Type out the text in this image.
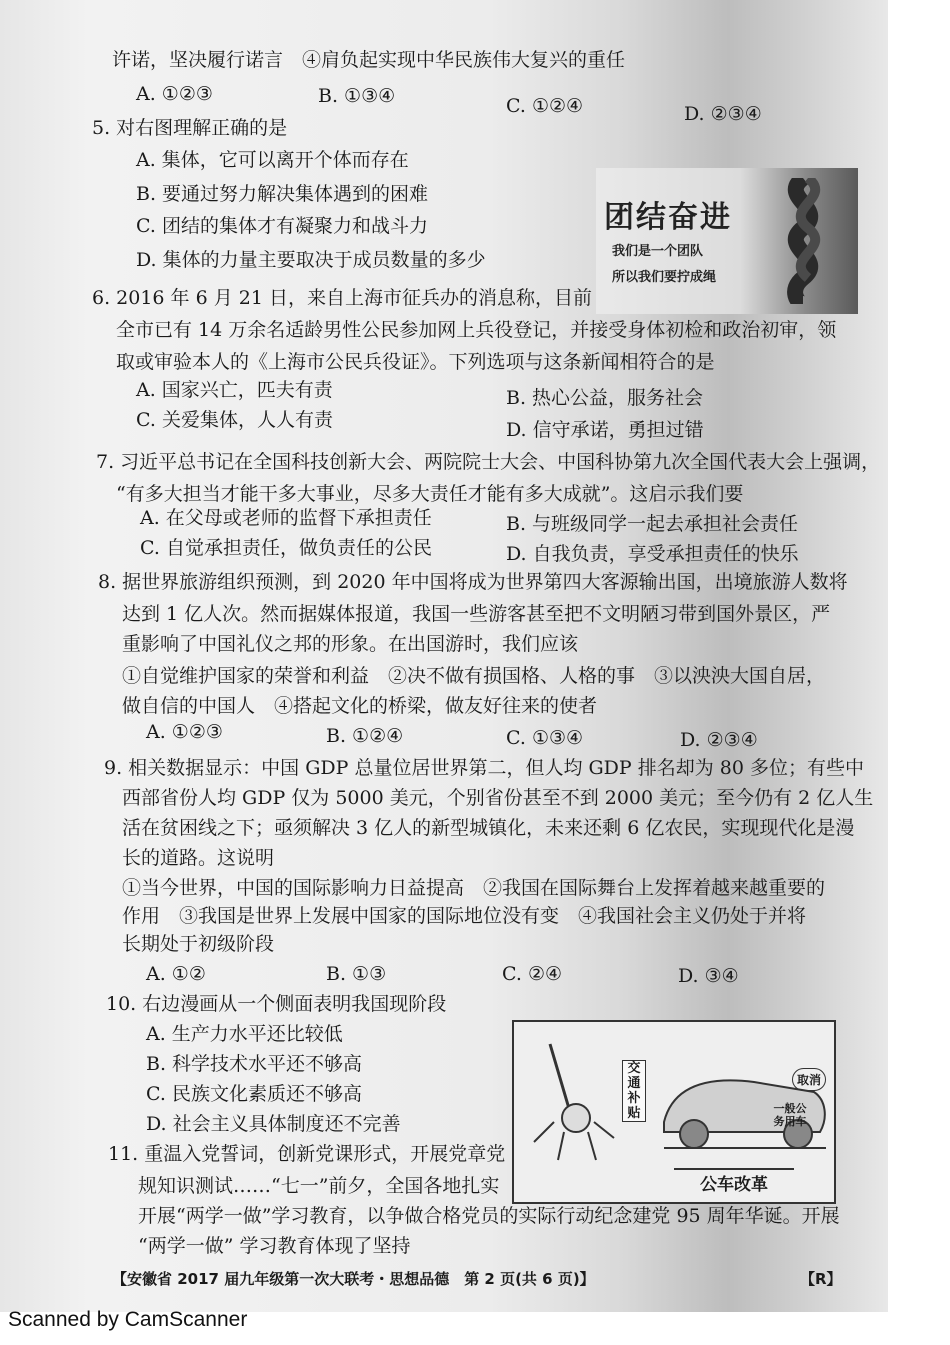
许诺，坚决履行诺言　④肩负起实现中华民族伟大复兴的重任
A. ①②③	B. ①③④	C. ①②④	D. ②③④
5. 对右图理解正确的是
A. 集体，它可以离开个体而存在
B. 要通过努力解决集体遇到的困难
C. 团结的集体才有凝聚力和战斗力
D. 集体的力量主要取决于成员数量的多少
团结奋进
我们是一个团队
所以我们要拧成绳
6. 2016 年 6 月 21 日，来自上海市征兵办的消息称，目前
全市已有 14 万余名适龄男性公民参加网上兵役登记，并接受身体初检和政治初审，领
取或审验本人的《上海市公民兵役证》。下列选项与这条新闻相符合的是
A. 国家兴亡，匹夫有责	B. 热心公益，服务社会
C. 关爱集体，人人有责	D. 信守承诺，勇担过错
7. 习近平总书记在全国科技创新大会、两院院士大会、中国科协第九次全国代表大会上强调，
“有多大担当才能干多大事业，尽多大责任才能有多大成就”。这启示我们要
A. 在父母或老师的监督下承担责任	B. 与班级同学一起去承担社会责任
C. 自觉承担责任，做负责任的公民	D. 自我负责，享受承担责任的快乐
8. 据世界旅游组织预测，到 2020 年中国将成为世界第四大客源输出国，出境旅游人数将
达到 1 亿人次。然而据媒体报道，我国一些游客甚至把不文明陋习带到国外景区，严
重影响了中国礼仪之邦的形象。在出国游时，我们应该
①自觉维护国家的荣誉和利益　②决不做有损国格、人格的事　③以泱泱大国自居，
做自信的中国人　④搭起文化的桥梁，做友好往来的使者
A. ①②③	B. ①②④	C. ①③④	D. ②③④
9. 相关数据显示：中国 GDP 总量位居世界第二，但人均 GDP 排名却为 80 多位；有些中
西部省份人均 GDP 仅为 5000 美元，个别省份甚至不到 2000 美元；至今仍有 2 亿人生
活在贫困线之下；亟须解决 3 亿人的新型城镇化，未来还剩 6 亿农民，实现现代化是漫
长的道路。这说明
①当今世界，中国的国际影响力日益提高　②我国在国际舞台上发挥着越来越重要的
作用　③我国是世界上发展中国家的国际地位没有变　④我国社会主义仍处于并将
长期处于初级阶段
A. ①②	B. ①③	C. ②④	D. ③④
10. 右边漫画从一个侧面表明我国现阶段
A. 生产力水平还比较低
B. 科学技术水平还不够高
C. 民族文化素质还不够高
D. 社会主义具体制度还不完善
交通补贴
取消
一般公务用车
公车改革
11. 重温入党誓词，创新党课形式，开展党章党
规知识测试……“七一”前夕，全国各地扎实
开展“两学一做”学习教育，以争做合格党员的实际行动纪念建党 95 周年华诞。开展
“两学一做” 学习教育体现了坚持
【安徽省 2017 届九年级第一次大联考・思想品德　第 2 页(共 6 页)】	【R】
Scanned by CamScanner
